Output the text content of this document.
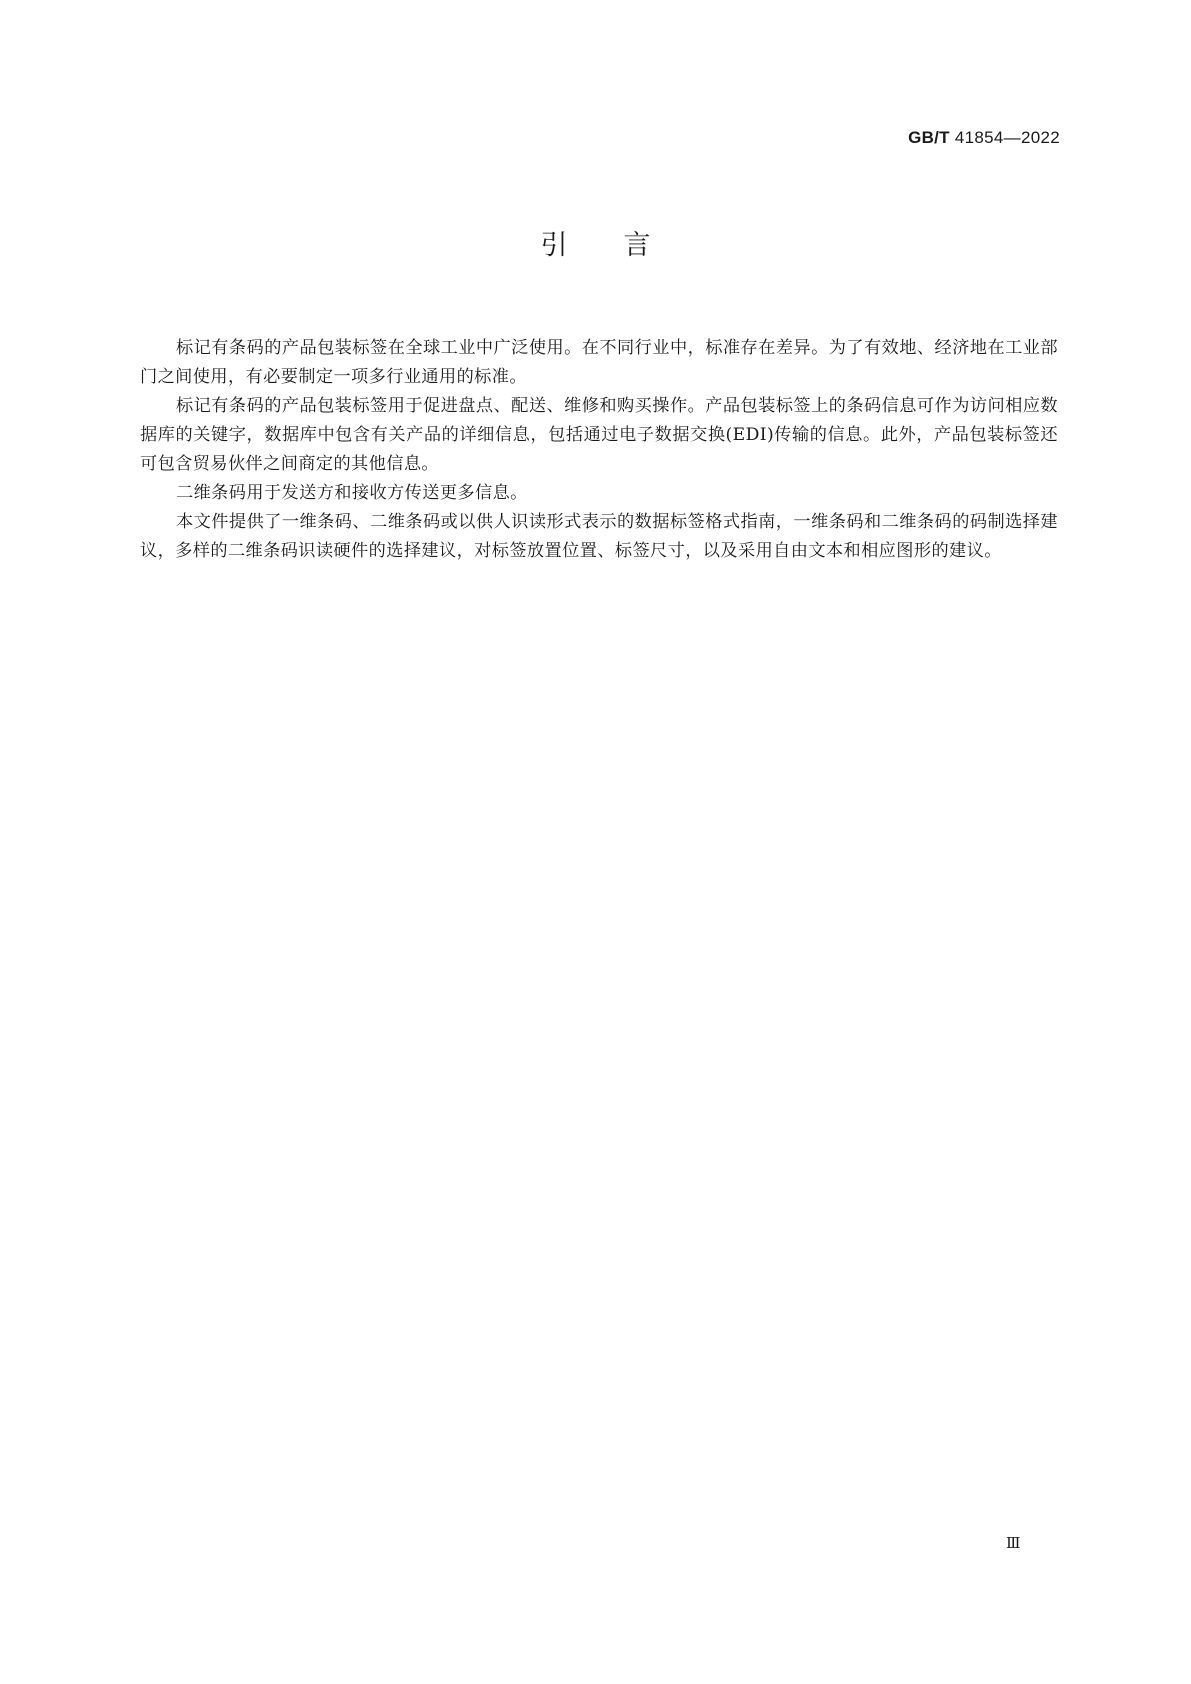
GB/T 41854—2022
引言

标记有条码的产品包装标签在全球工业中广泛使用。在不同行业中，标准存在差异。为了有效地、经济地在工业部门之间使用，有必要制定一项多行业通用的标准。

标记有条码的产品包装标签用于促进盘点、配送、维修和购买操作。产品包装标签上的条码信息可作为访问相应数据库的关键字，数据库中包含有关产品的详细信息，包括通过电子数据交换(EDI)传输的信息。此外，产品包装标签还可包含贸易伙伴之间商定的其他信息。

二维条码用于发送方和接收方传送更多信息。

本文件提供了一维条码、二维条码或以供人识读形式表示的数据标签格式指南，一维条码和二维条码的码制选择建议，多样的二维条码识读硬件的选择建议，对标签放置位置、标签尺寸，以及采用自由文本和相应图形的建议。

Ⅲ
